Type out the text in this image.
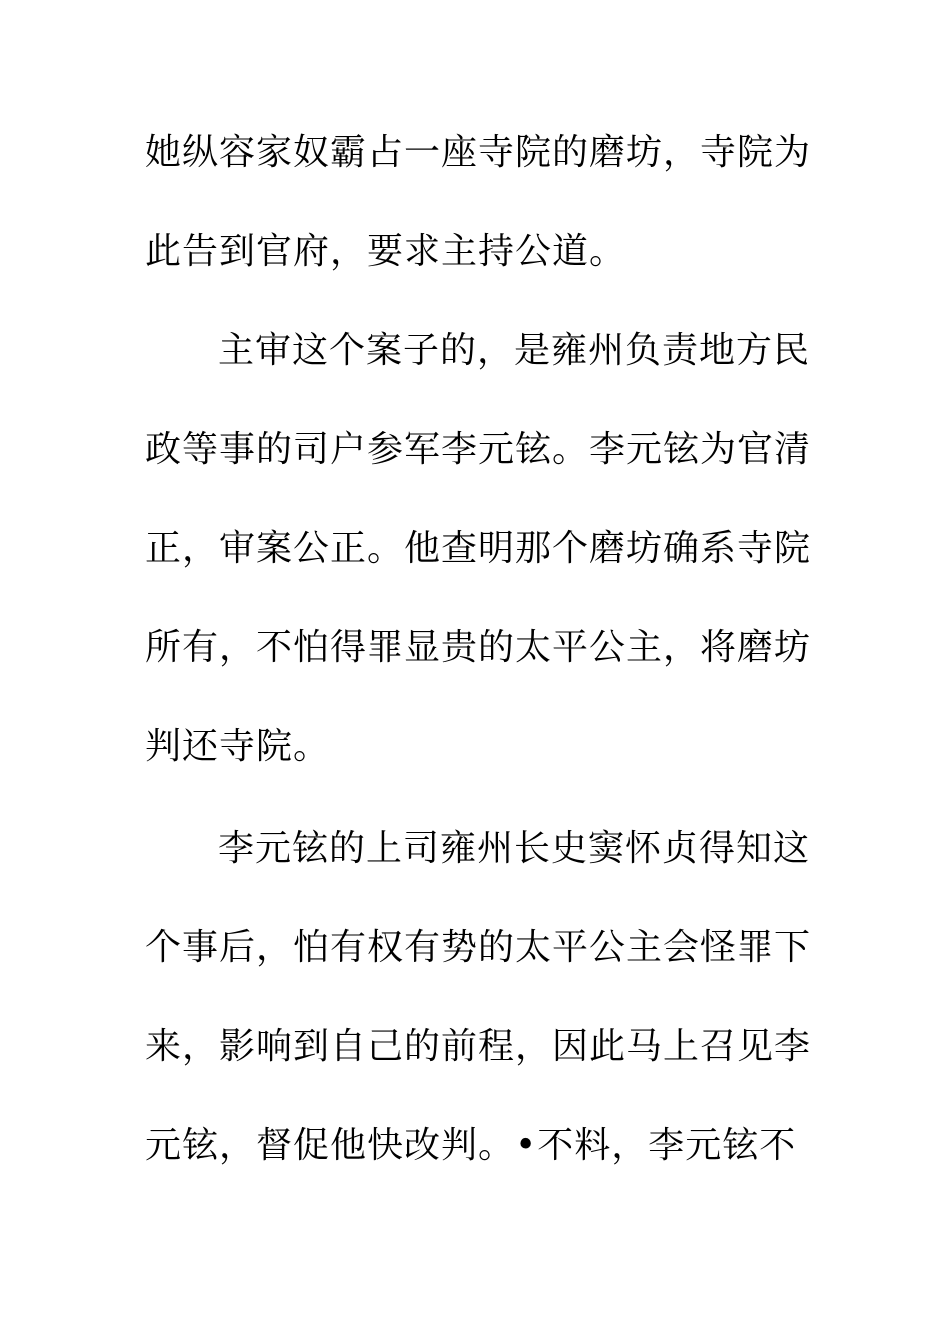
她纵容家奴霸占一座寺院的磨坊，寺院为
此告到官府，要求主持公道。
主审这个案子的，是雍州负责地方民
政等事的司户参军李元铉。李元铉为官清
正，审案公正。他查明那个磨坊确系寺院
所有，不怕得罪显贵的太平公主，将磨坊
判还寺院。
李元铉的上司雍州长史窦怀贞得知这
个事后，怕有权有势的太平公主会怪罪下
来，影响到自己的前程，因此马上召见李
元铉，督促他快改判。•不料，李元铉不
